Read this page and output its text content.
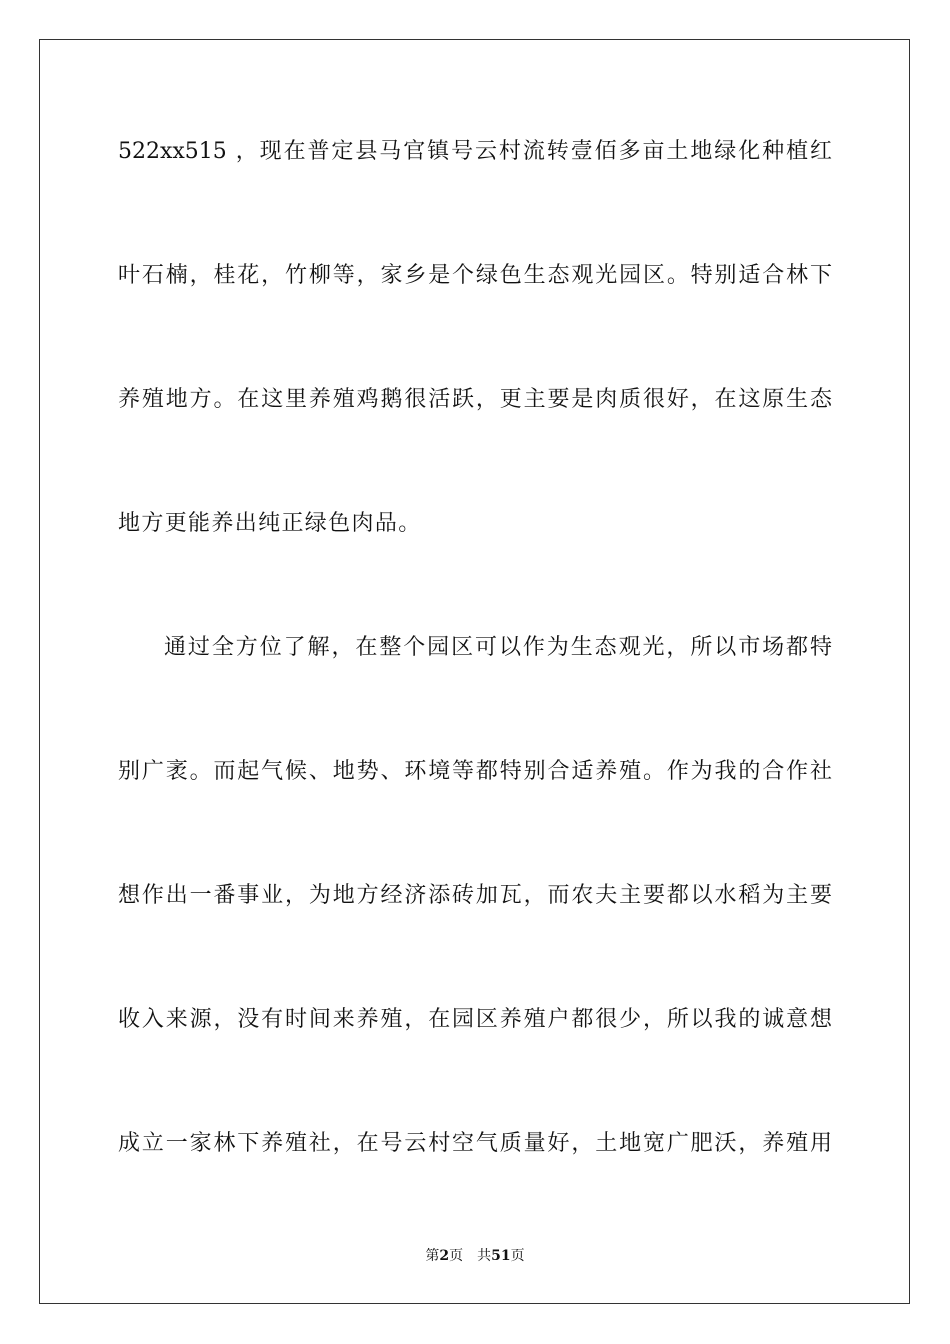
522xx515 ，现在普定县马官镇号云村流转壹佰多亩土地绿化种植红
叶石楠，桂花，竹柳等，家乡是个绿色生态观光园区。特别适合林下
养殖地方。在这里养殖鸡鹅很活跃，更主要是肉质很好，在这原生态
地方更能养出纯正绿色肉品。
通过全方位了解，在整个园区可以作为生态观光，所以市场都特
别广袤。而起气候、地势、环境等都特别合适养殖。作为我的合作社
想作出一番事业，为地方经济添砖加瓦，而农夫主要都以水稻为主要
收入来源，没有时间来养殖，在园区养殖户都很少，所以我的诚意想
成立一家林下养殖社，在号云村空气质量好，土地宽广肥沃，养殖用
第2页 共51页
